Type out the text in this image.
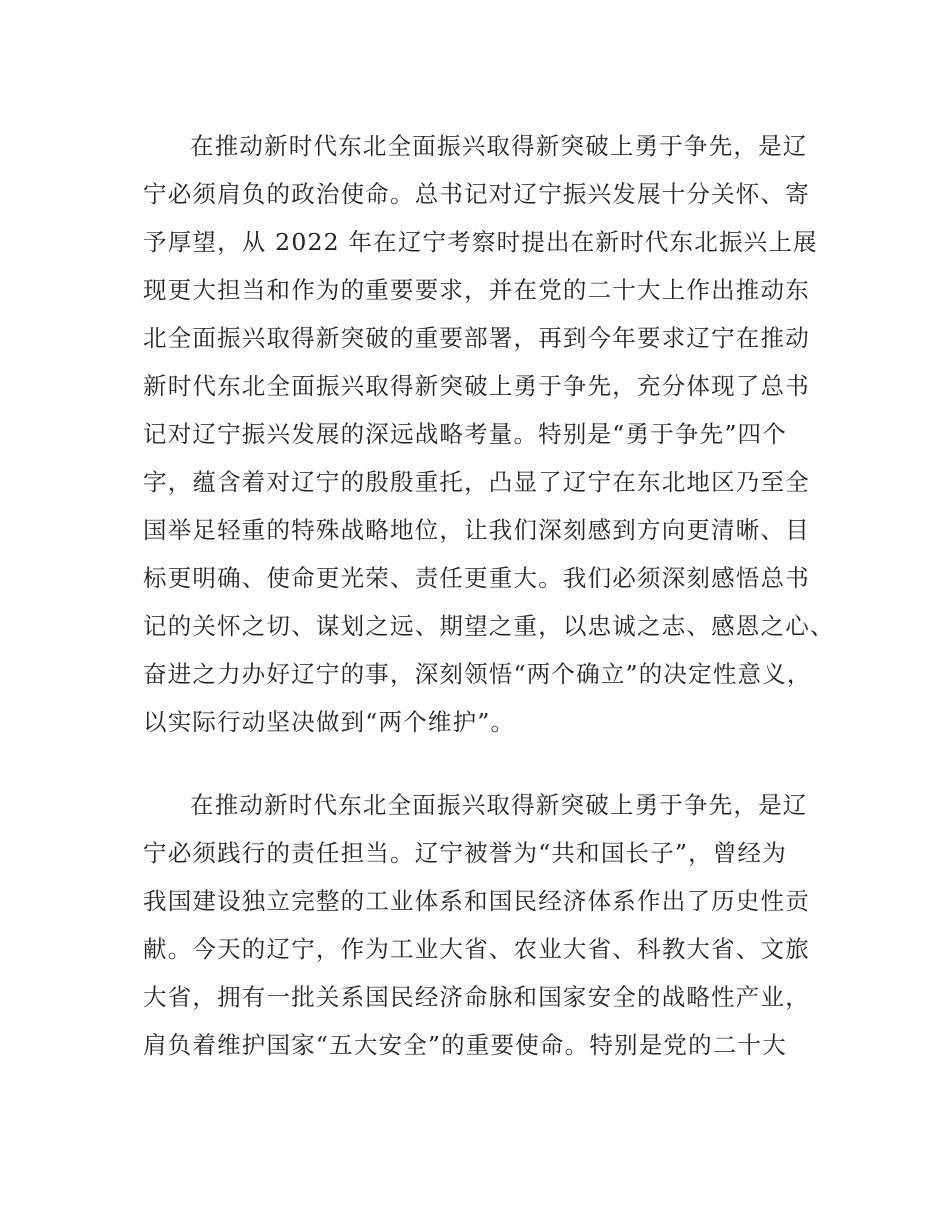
在推动新时代东北全面振兴取得新突破上勇于争先，是辽
宁必须肩负的政治使命。总书记对辽宁振兴发展十分关怀、寄
予厚望，从 2022 年在辽宁考察时提出在新时代东北振兴上展
现更大担当和作为的重要要求，并在党的二十大上作出推动东
北全面振兴取得新突破的重要部署，再到今年要求辽宁在推动
新时代东北全面振兴取得新突破上勇于争先，充分体现了总书
记对辽宁振兴发展的深远战略考量。特别是“勇于争先”四个
字，蕴含着对辽宁的殷殷重托，凸显了辽宁在东北地区乃至全
国举足轻重的特殊战略地位，让我们深刻感到方向更清晰、目
标更明确、使命更光荣、责任更重大。我们必须深刻感悟总书
记的关怀之切、谋划之远、期望之重，以忠诚之志、感恩之心、
奋进之力办好辽宁的事，深刻领悟“两个确立”的决定性意义，
以实际行动坚决做到“两个维护”。
在推动新时代东北全面振兴取得新突破上勇于争先，是辽
宁必须践行的责任担当。辽宁被誉为“共和国长子”，曾经为
我国建设独立完整的工业体系和国民经济体系作出了历史性贡
献。今天的辽宁，作为工业大省、农业大省、科教大省、文旅
大省，拥有一批关系国民经济命脉和国家安全的战略性产业，
肩负着维护国家“五大安全”的重要使命。特别是党的二十大
